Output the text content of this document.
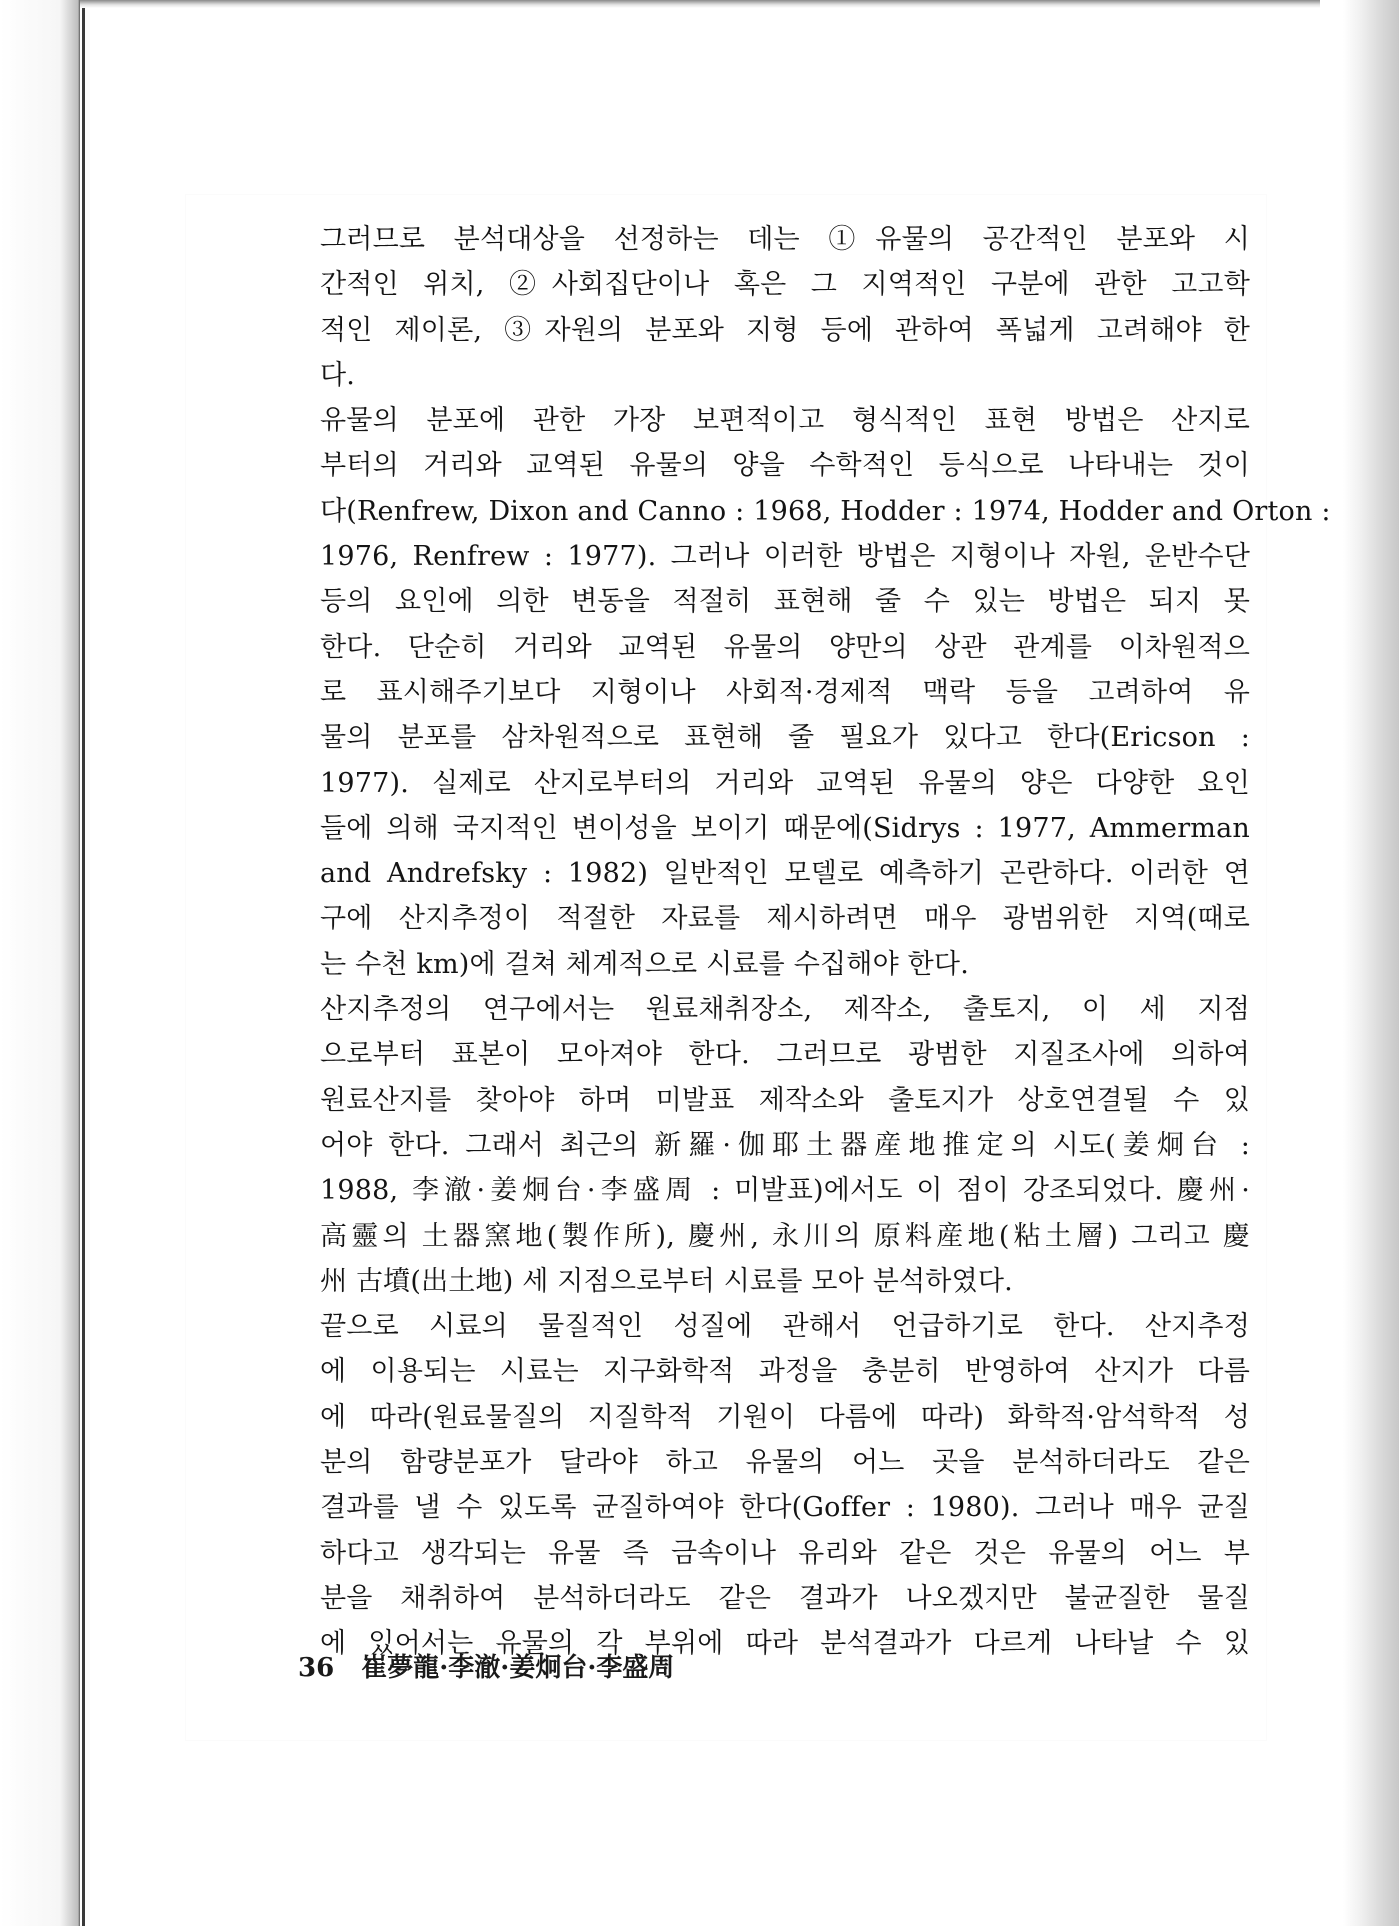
그러므로 분석대상을 선정하는 데는 ①유물의 공간적인 분포와 시
간적인 위치, ②사회집단이나 혹은 그 지역적인 구분에 관한 고고학
적인 제이론, ③자원의 분포와 지형 등에 관하여 폭넓게 고려해야 한
다.

유물의 분포에 관한 가장 보편적이고 형식적인 표현 방법은 산지로
부터의 거리와 교역된 유물의 양을 수학적인 등식으로 나타내는 것이
다(Renfrew, Dixon and Canno : 1968, Hodder : 1974, Hodder and Orton :
1976, Renfrew : 1977). 그러나 이러한 방법은 지형이나 자원, 운반수단
등의 요인에 의한 변동을 적절히 표현해 줄 수 있는 방법은 되지 못
한다. 단순히 거리와 교역된 유물의 양만의 상관 관계를 이차원적으
로 표시해주기보다 지형이나 사회적·경제적 맥락 등을 고려하여 유
물의 분포를 삼차원적으로 표현해 줄 필요가 있다고 한다(Ericson :
1977). 실제로 산지로부터의 거리와 교역된 유물의 양은 다양한 요인
들에 의해 국지적인 변이성을 보이기 때문에(Sidrys : 1977, Ammerman
and Andrefsky : 1982) 일반적인 모델로 예측하기 곤란하다. 이러한 연
구에 산지추정이 적절한 자료를 제시하려면 매우 광범위한 지역(때로
는 수천 km)에 걸쳐 체계적으로 시료를 수집해야 한다.

산지추정의 연구에서는 원료채취장소, 제작소, 출토지, 이 세 지점
으로부터 표본이 모아져야 한다. 그러므로 광범한 지질조사에 의하여
원료산지를 찾아야 하며 미발표 제작소와 출토지가 상호연결될 수 있
어야 한다. 그래서 최근의 新羅·伽耶土器産地推定의 시도(姜炯台 :
1988, 李澈·姜炯台·李盛周 : 미발표)에서도 이 점이 강조되었다. 慶州·
高靈의 土器窯地(製作所), 慶州, 永川의 原料産地(粘土層) 그리고 慶
州 古墳(出土地) 세 지점으로부터 시료를 모아 분석하였다.

끝으로 시료의 물질적인 성질에 관해서 언급하기로 한다. 산지추정
에 이용되는 시료는 지구화학적 과정을 충분히 반영하여 산지가 다름
에 따라(원료물질의 지질학적 기원이 다름에 따라) 화학적·암석학적 성
분의 함량분포가 달라야 하고 유물의 어느 곳을 분석하더라도 같은
결과를 낼 수 있도록 균질하여야 한다(Goffer : 1980). 그러나 매우 균질
하다고 생각되는 유물 즉 금속이나 유리와 같은 것은 유물의 어느 부
분을 채취하여 분석하더라도 같은 결과가 나오겠지만 불균질한 물질
에 있어서는 유물의 각 부위에 따라 분석결과가 다르게 나타날 수 있

36 崔夢龍·李澈·姜炯台·李盛周
